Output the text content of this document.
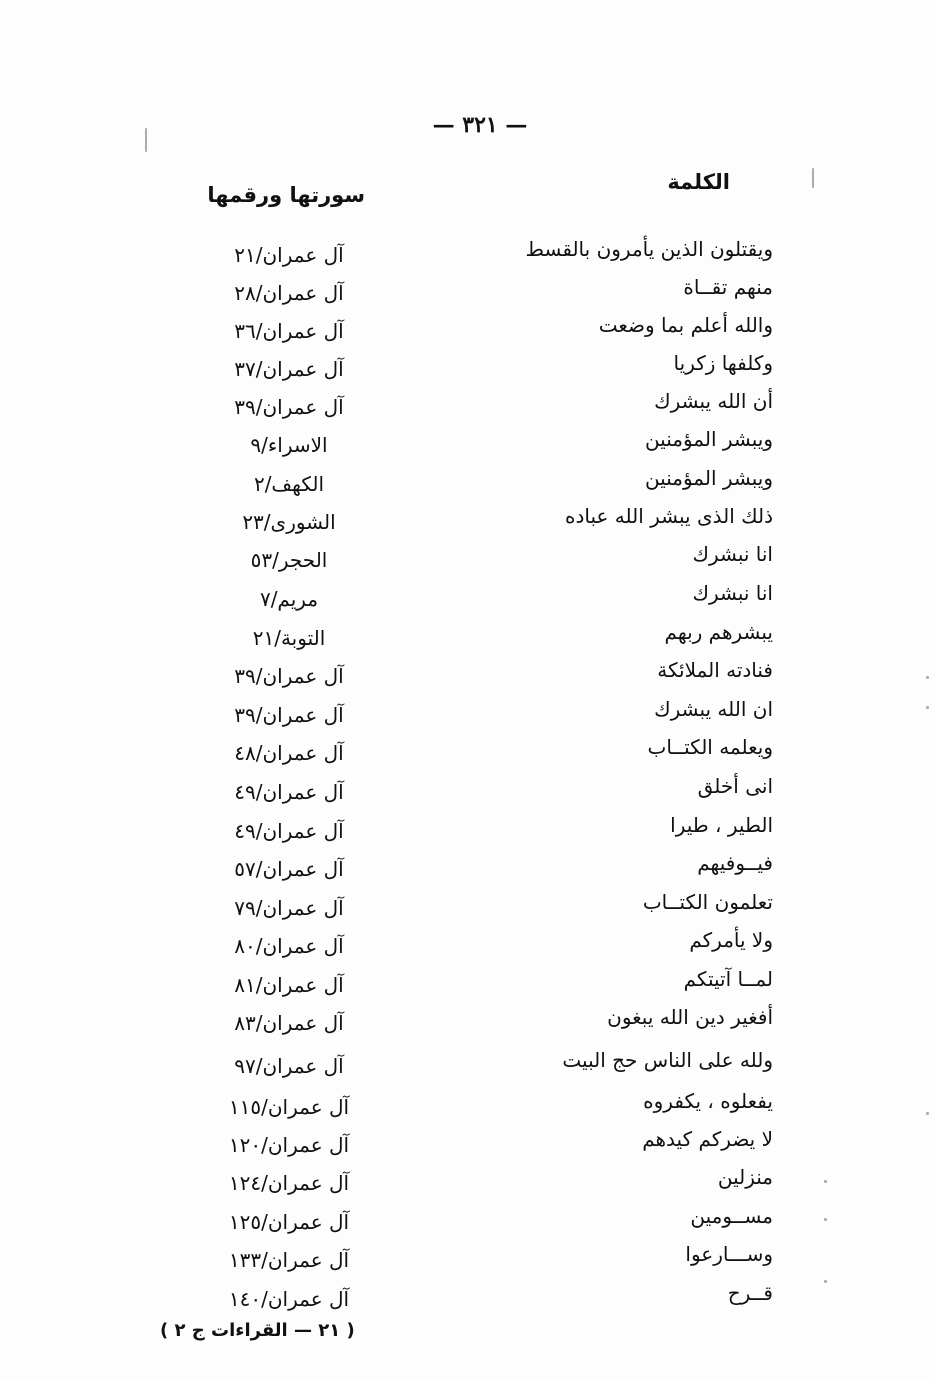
— ٣٢١ —
الكلمة
سورتها ورقمها
ويقتلون الذين يأمرون بالقسط
آل عمران/٢١
منهم تقــاة
آل عمران/٢٨
والله أعلم بما وضعت
آل عمران/٣٦
وكلفها زكريا
آل عمران/٣٧
أن الله يبشرك
آل عمران/٣٩
ويبشر المؤمنين
الاسراء/٩
ويبشر المؤمنين
الكهف/٢
ذلك الذى يبشر الله عباده
الشورى/٢٣
انا نبشرك
الحجر/٥٣
انا نبشرك
مريم/٧
يبشرهم ربهم
التوبة/٢١
فنادته الملائكة
آل عمران/٣٩
ان الله يبشرك
آل عمران/٣٩
ويعلمه الكتــاب
آل عمران/٤٨
انى أخلق
آل عمران/٤٩
الطير ، طيرا
آل عمران/٤٩
فيــوفيهم
آل عمران/٥٧
تعلمون الكتــاب
آل عمران/٧٩
ولا يأمركم
آل عمران/٨٠
لمــا آتيتكم
آل عمران/٨١
أفغير دين الله يبغون
آل عمران/٨٣
ولله على الناس حج البيت
آل عمران/٩٧
يفعلوه ، يكفروه
آل عمران/١١٥
لا يضركم كيدهم
آل عمران/١٢٠
منزلين
آل عمران/١٢٤
مســومين
آل عمران/١٢٥
وســـارعوا
آل عمران/١٣٣
قــرح
آل عمران/١٤٠
( ٢١ — القراءات ج ٢ )
